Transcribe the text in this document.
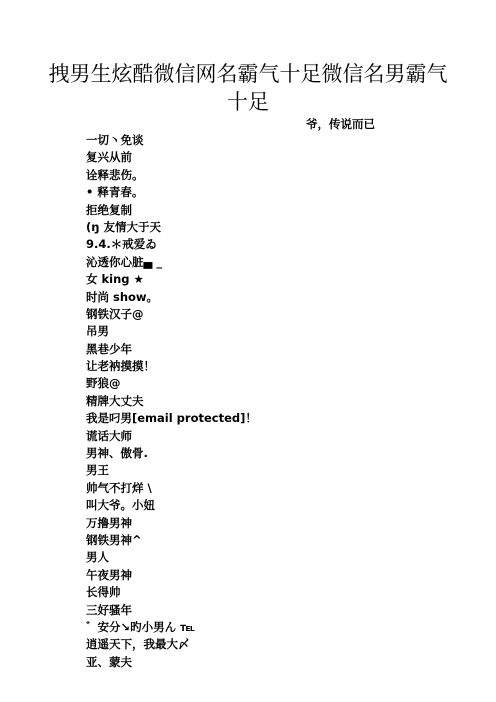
拽男生炫酷微信网名霸气十足微信名男霸气十足

爷，传说而已

一切丶免谈
复兴从前
诠释悲伤。
• 释青春。
拒绝复制
(ŋ 友情大于天
9.4.＊戒爱ゐ
沁透你心脏▄ _
女 king ★
时尚 show。
钢铁汉子@
吊男
黑巷少年
让老衲摸摸！
野狼@
精牌大丈夫
我是叼男[email protected]！
谎话大师
男神、傲骨.
男王
帅气不打烊 \
叫大爷。小妞
万撸男神
钢铁男神^
男人
午夜男神
长得帅
三好骚年
゛安分↘旳小男ん ℡
逍遥天下，我最大〆
亚、蒙夫
